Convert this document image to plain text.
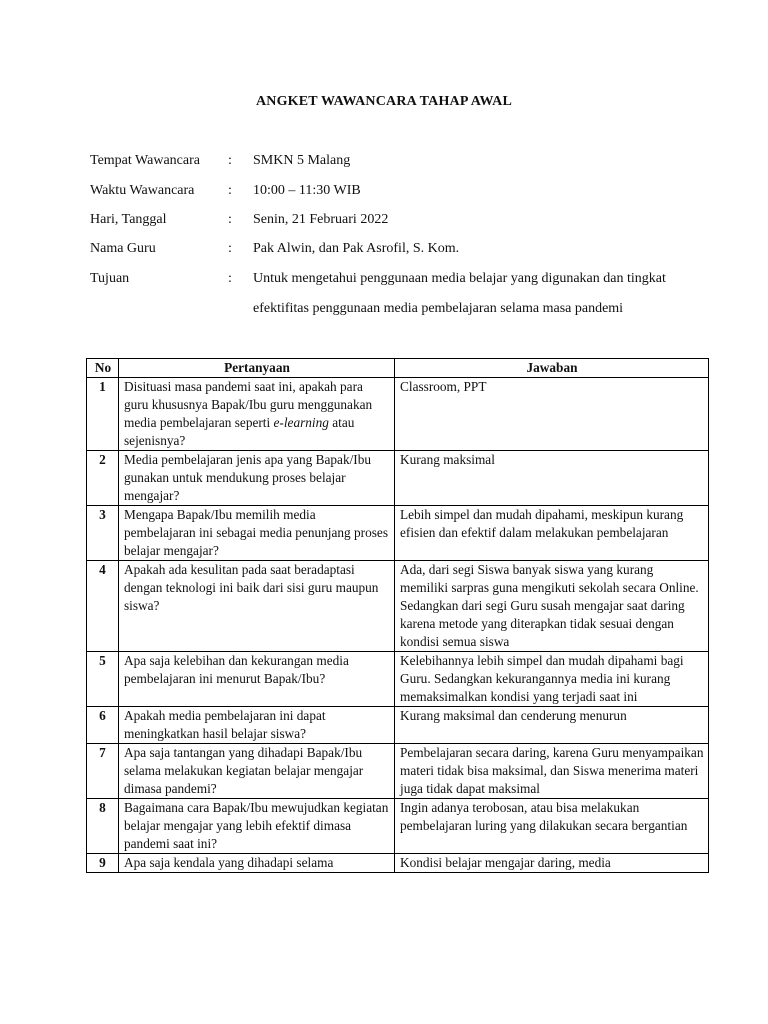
ANGKET WAWANCARA TAHAP AWAL
Tempat Wawancara	: SMKN 5 Malang
Waktu Wawancara	: 10:00 – 11:30 WIB
Hari, Tanggal	: Senin, 21 Februari 2022
Nama Guru	: Pak Alwin, dan Pak Asrofil, S. Kom.
Tujuan	: Untuk mengetahui penggunaan media belajar yang digunakan dan tingkat efektifitas penggunaan media pembelajaran selama masa pandemi
No	Pertanyaan	Jawaban
1	Disituasi masa pandemi saat ini, apakah para guru khususnya Bapak/Ibu guru menggunakan media pembelajaran seperti e-learning atau sejenisnya?	Classroom, PPT
2	Media pembelajaran jenis apa yang Bapak/Ibu gunakan untuk mendukung proses belajar mengajar?	Kurang maksimal
3	Mengapa Bapak/Ibu memilih media pembelajaran ini sebagai media penunjang proses belajar mengajar?	Lebih simpel dan mudah dipahami, meskipun kurang efisien dan efektif dalam melakukan pembelajaran
4	Apakah ada kesulitan pada saat beradaptasi dengan teknologi ini baik dari sisi guru maupun siswa?	Ada, dari segi Siswa banyak siswa yang kurang memiliki sarpras guna mengikuti sekolah secara Online. Sedangkan dari segi Guru susah mengajar saat daring karena metode yang diterapkan tidak sesuai dengan kondisi semua siswa
5	Apa saja kelebihan dan kekurangan media pembelajaran ini menurut Bapak/Ibu?	Kelebihannya lebih simpel dan mudah dipahami bagi Guru. Sedangkan kekurangannya media ini kurang memaksimalkan kondisi yang terjadi saat ini
6	Apakah media pembelajaran ini dapat meningkatkan hasil belajar siswa?	Kurang maksimal dan cenderung menurun
7	Apa saja tantangan yang dihadapi Bapak/Ibu selama melakukan kegiatan belajar mengajar dimasa pandemi?	Pembelajaran secara daring, karena Guru menyampaikan materi tidak bisa maksimal, dan Siswa menerima materi juga tidak dapat maksimal
8	Bagaimana cara Bapak/Ibu mewujudkan kegiatan belajar mengajar yang lebih efektif dimasa pandemi saat ini?	Ingin adanya terobosan, atau bisa melakukan pembelajaran luring yang dilakukan secara bergantian
9	Apa saja kendala yang dihadapi selama	Kondisi belajar mengajar daring, media
